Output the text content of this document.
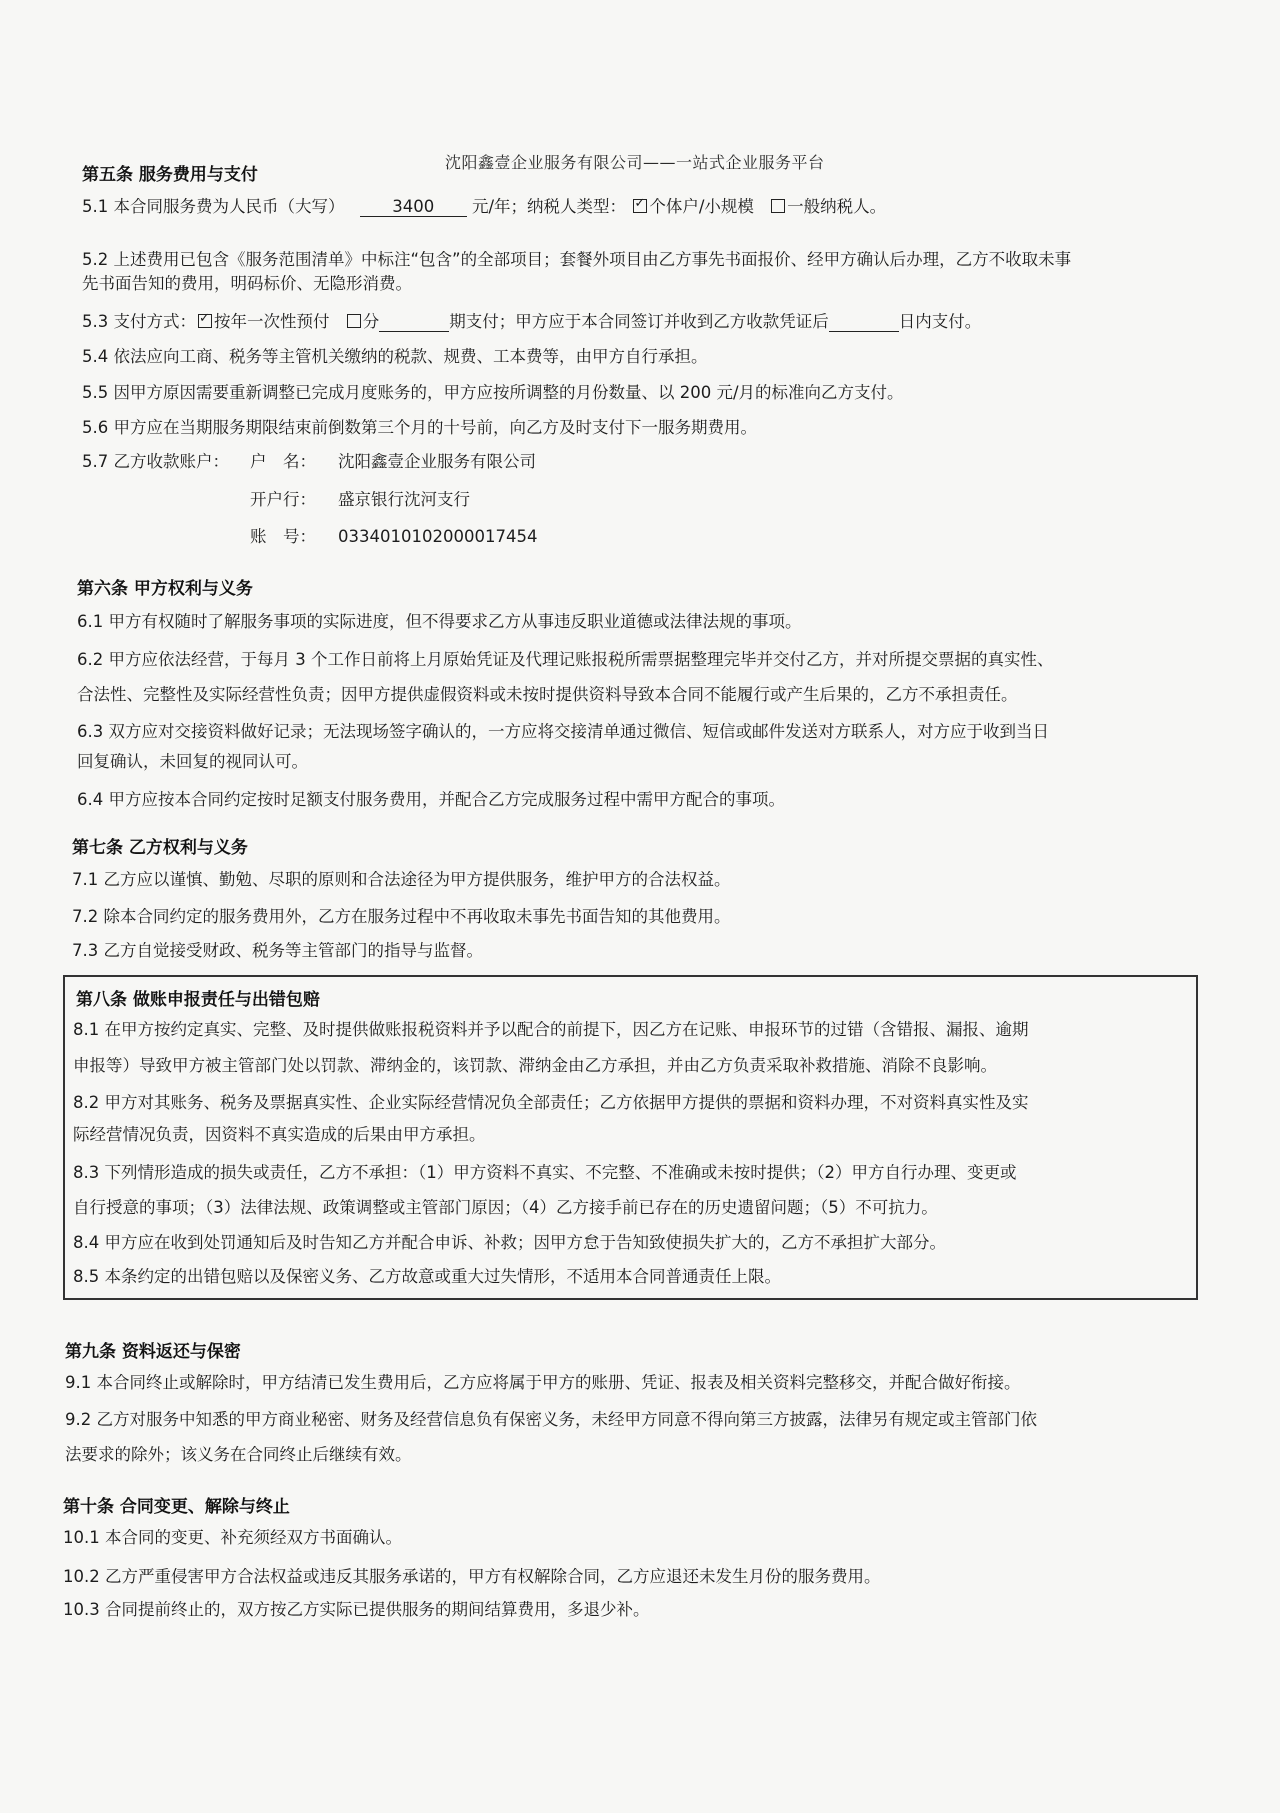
沈阳鑫壹企业服务有限公司——一站式企业服务平台
第五条 服务费用与支付
5.1 本合同服务费为人民币（大写）	3400 元/年；纳税人类型： ✓ 个体户/小规模 一般纳税人。
5.2 上述费用已包含《服务范围清单》中标注“包含”的全部项目；套餐外项目由乙方事先书面报价、经甲方确认后办理，乙方不收取未事
先书面告知的费用，明码标价、无隐形消费。
5.3 支付方式： ✓ 按年一次性预付 分	期支付；甲方应于本合同签订并收到乙方收款凭证后	日内支付。
5.4 依法应向工商、税务等主管机关缴纳的税款、规费、工本费等，由甲方自行承担。
5.5 因甲方原因需要重新调整已完成月度账务的，甲方应按所调整的月份数量、以 200 元/月的标准向乙方支付。
5.6 甲方应在当期服务期限结束前倒数第三个月的十号前，向乙方及时支付下一服务期费用。
5.7 乙方收款账户： 户　名： 沈阳鑫壹企业服务有限公司
开户行： 盛京银行沈河支行
账　号： 0334010102000017454
第六条 甲方权利与义务
6.1 甲方有权随时了解服务事项的实际进度，但不得要求乙方从事违反职业道德或法律法规的事项。
6.2 甲方应依法经营，于每月 3 个工作日前将上月原始凭证及代理记账报税所需票据整理完毕并交付乙方，并对所提交票据的真实性、
合法性、完整性及实际经营性负责；因甲方提供虚假资料或未按时提供资料导致本合同不能履行或产生后果的，乙方不承担责任。
6.3 双方应对交接资料做好记录；无法现场签字确认的，一方应将交接清单通过微信、短信或邮件发送对方联系人，对方应于收到当日
回复确认，未回复的视同认可。
6.4 甲方应按本合同约定按时足额支付服务费用，并配合乙方完成服务过程中需甲方配合的事项。
第七条 乙方权利与义务
7.1 乙方应以谨慎、勤勉、尽职的原则和合法途径为甲方提供服务，维护甲方的合法权益。
7.2 除本合同约定的服务费用外，乙方在服务过程中不再收取未事先书面告知的其他费用。
7.3 乙方自觉接受财政、税务等主管部门的指导与监督。
第八条 做账申报责任与出错包赔
8.1 在甲方按约定真实、完整、及时提供做账报税资料并予以配合的前提下，因乙方在记账、申报环节的过错（含错报、漏报、逾期
申报等）导致甲方被主管部门处以罚款、滞纳金的，该罚款、滞纳金由乙方承担，并由乙方负责采取补救措施、消除不良影响。
8.2 甲方对其账务、税务及票据真实性、企业实际经营情况负全部责任；乙方依据甲方提供的票据和资料办理，不对资料真实性及实
际经营情况负责，因资料不真实造成的后果由甲方承担。
8.3 下列情形造成的损失或责任，乙方不承担：（1）甲方资料不真实、不完整、不准确或未按时提供；（2）甲方自行办理、变更或
自行授意的事项；（3）法律法规、政策调整或主管部门原因；（4）乙方接手前已存在的历史遗留问题；（5）不可抗力。
8.4 甲方应在收到处罚通知后及时告知乙方并配合申诉、补救；因甲方怠于告知致使损失扩大的，乙方不承担扩大部分。
8.5 本条约定的出错包赔以及保密义务、乙方故意或重大过失情形，不适用本合同普通责任上限。
第九条 资料返还与保密
9.1 本合同终止或解除时，甲方结清已发生费用后，乙方应将属于甲方的账册、凭证、报表及相关资料完整移交，并配合做好衔接。
9.2 乙方对服务中知悉的甲方商业秘密、财务及经营信息负有保密义务，未经甲方同意不得向第三方披露，法律另有规定或主管部门依
法要求的除外；该义务在合同终止后继续有效。
第十条 合同变更、解除与终止
10.1 本合同的变更、补充须经双方书面确认。
10.2 乙方严重侵害甲方合法权益或违反其服务承诺的，甲方有权解除合同，乙方应退还未发生月份的服务费用。
10.3 合同提前终止的，双方按乙方实际已提供服务的期间结算费用，多退少补。
